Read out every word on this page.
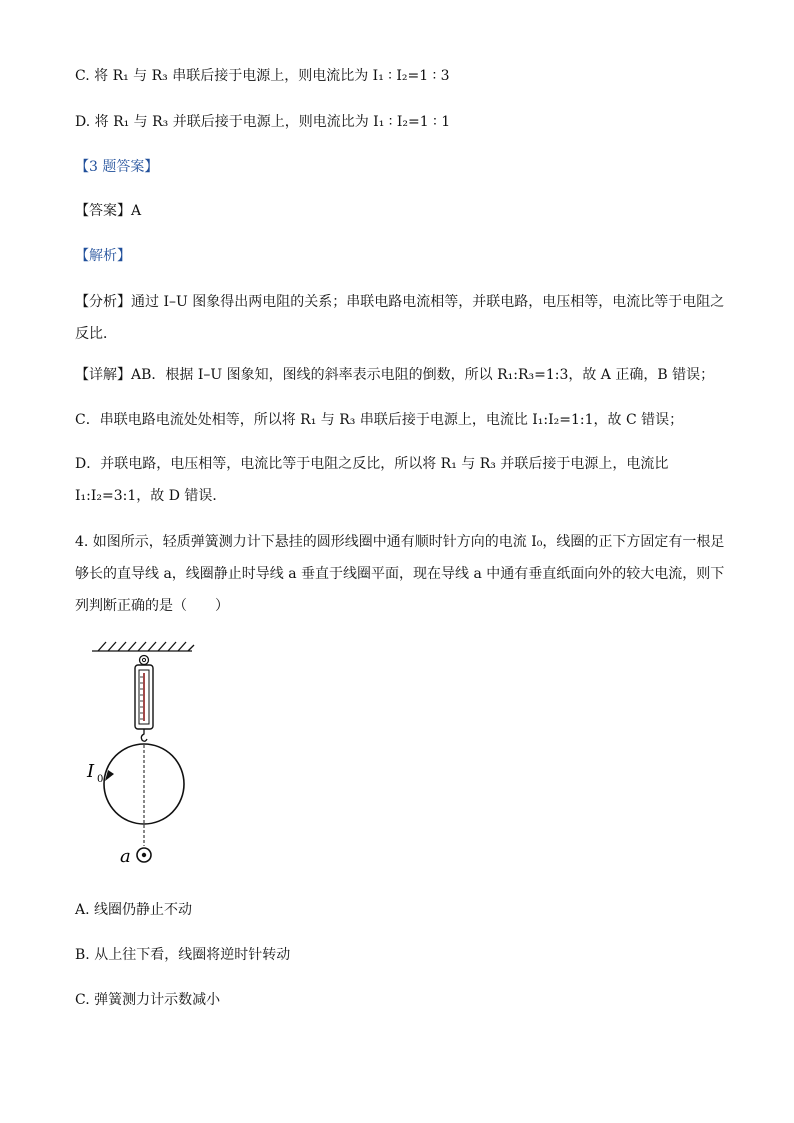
C. 将 R₁ 与 R₃ 串联后接于电源上，则电流比为 I₁ ∶ I₂=1 ∶ 3
D. 将 R₁ 与 R₃ 并联后接于电源上，则电流比为 I₁ ∶ I₂=1 ∶ 1
【3 题答案】
【答案】A
【解析】
【分析】通过 I–U 图象得出两电阻的关系；串联电路电流相等，并联电路，电压相等，电流比等于电阻之反比．
【详解】AB．根据 I–U 图象知，图线的斜率表示电阻的倒数，所以 R₁:R₃=1:3，故 A 正确，B 错误；
C．串联电路电流处处相等，所以将 R₁ 与 R₃ 串联后接于电源上，电流比 I₁:I₂=1:1，故 C 错误；
D．并联电路，电压相等，电流比等于电阻之反比，所以将 R₁ 与 R₃ 并联后接于电源上，电流比 I₁:I₂=3:1，故 D 错误．
4. 如图所示，轻质弹簧测力计下悬挂的圆形线圈中通有顺时针方向的电流 I₀，线圈的正下方固定有一根足够长的直导线 a，线圈静止时导线 a 垂直于线圈平面，现在导线 a 中通有垂直纸面向外的较大电流，则下列判断正确的是（　　）
I 0
a
A. 线圈仍静止不动
B. 从上往下看，线圈将逆时针转动
C. 弹簧测力计示数减小
